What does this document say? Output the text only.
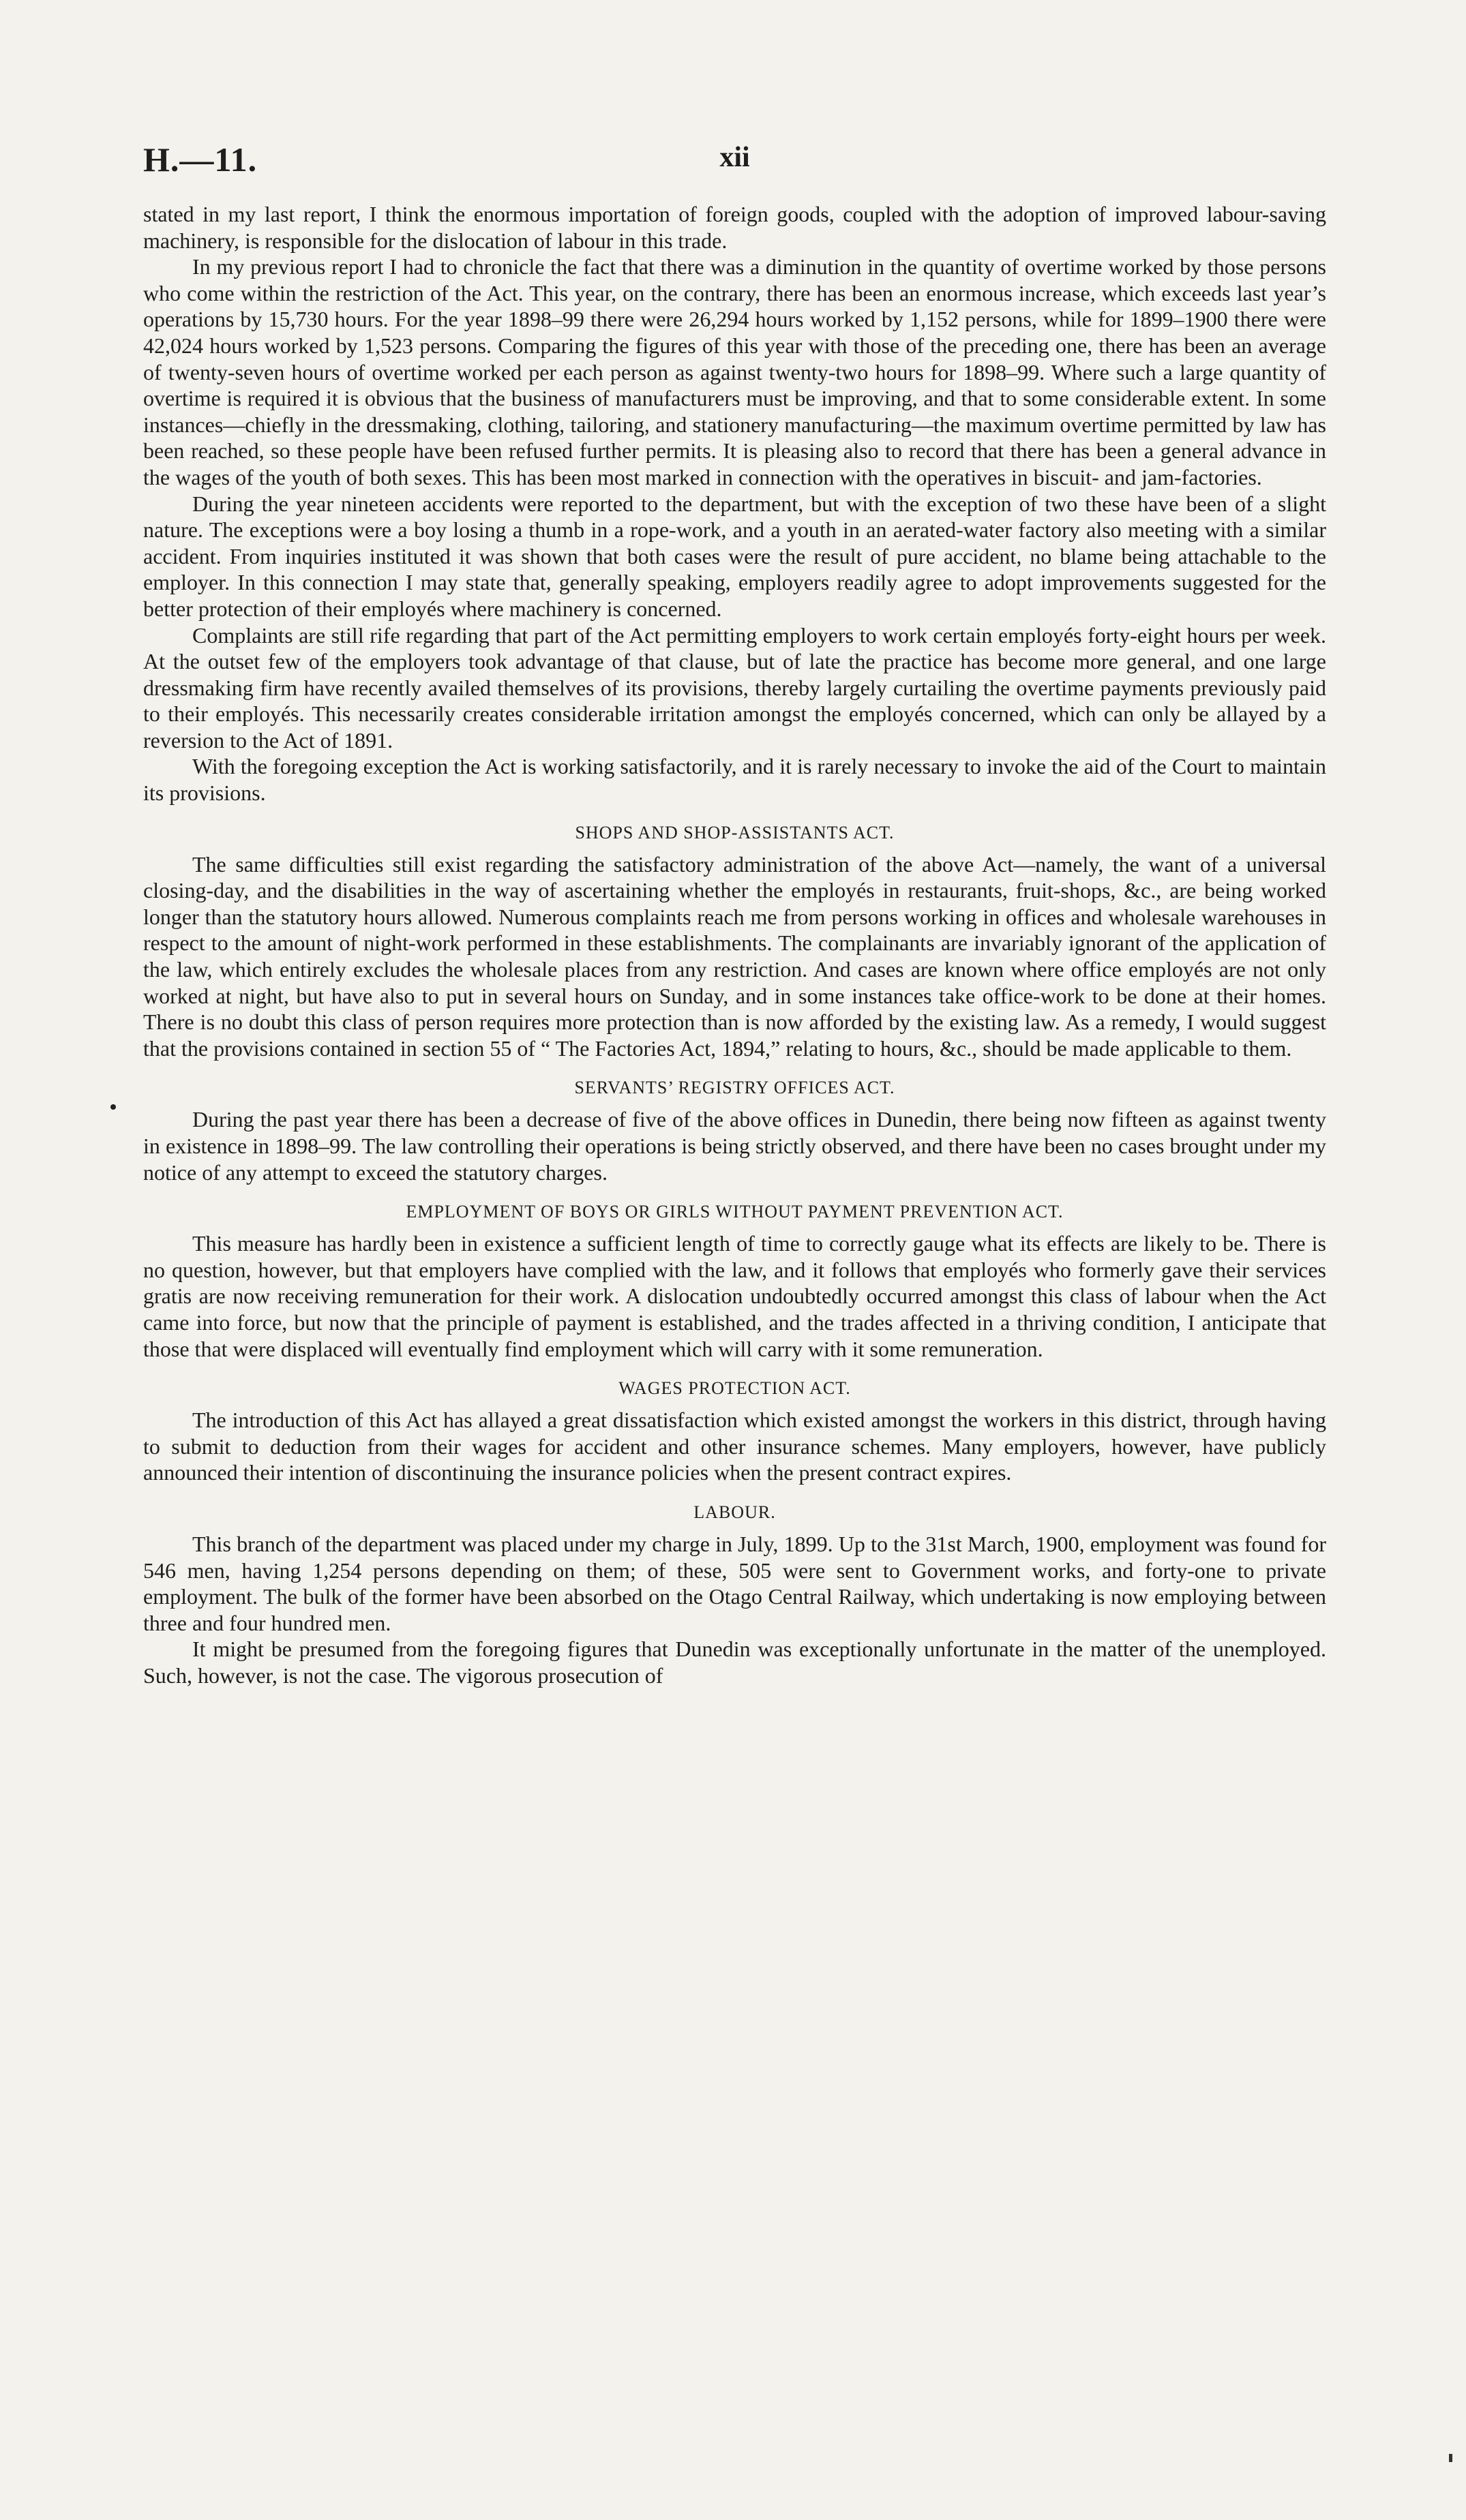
H.—11.	xii

stated in my last report, I think the enormous importation of foreign goods, coupled with the adoption of improved labour-saving machinery, is responsible for the dislocation of labour in this trade.

In my previous report I had to chronicle the fact that there was a diminution in the quantity of overtime worked by those persons who come within the restriction of the Act. This year, on the contrary, there has been an enormous increase, which exceeds last year’s operations by 15,730 hours. For the year 1898–99 there were 26,294 hours worked by 1,152 persons, while for 1899–1900 there were 42,024 hours worked by 1,523 persons. Comparing the figures of this year with those of the preceding one, there has been an average of twenty-seven hours of overtime worked per each person as against twenty-two hours for 1898–99. Where such a large quantity of overtime is required it is obvious that the business of manufacturers must be improving, and that to some considerable extent. In some instances—chiefly in the dressmaking, clothing, tailoring, and stationery manufacturing—the maximum overtime permitted by law has been reached, so these people have been refused further permits. It is pleasing also to record that there has been a general advance in the wages of the youth of both sexes. This has been most marked in connection with the operatives in biscuit- and jam-factories.

During the year nineteen accidents were reported to the department, but with the exception of two these have been of a slight nature. The exceptions were a boy losing a thumb in a rope-work, and a youth in an aerated-water factory also meeting with a similar accident. From inquiries instituted it was shown that both cases were the result of pure accident, no blame being attachable to the employer. In this connection I may state that, generally speaking, employers readily agree to adopt improvements suggested for the better protection of their employés where machinery is concerned.

Complaints are still rife regarding that part of the Act permitting employers to work certain employés forty-eight hours per week. At the outset few of the employers took advantage of that clause, but of late the practice has become more general, and one large dressmaking firm have recently availed themselves of its provisions, thereby largely curtailing the overtime payments previously paid to their employés. This necessarily creates considerable irritation amongst the employés concerned, which can only be allayed by a reversion to the Act of 1891.

With the foregoing exception the Act is working satisfactorily, and it is rarely necessary to invoke the aid of the Court to maintain its provisions.

SHOPS AND SHOP-ASSISTANTS ACT.

The same difficulties still exist regarding the satisfactory administration of the above Act—namely, the want of a universal closing-day, and the disabilities in the way of ascertaining whether the employés in restaurants, fruit-shops, &c., are being worked longer than the statutory hours allowed. Numerous complaints reach me from persons working in offices and wholesale warehouses in respect to the amount of night-work performed in these establishments. The complainants are invariably ignorant of the application of the law, which entirely excludes the wholesale places from any restriction. And cases are known where office employés are not only worked at night, but have also to put in several hours on Sunday, and in some instances take office-work to be done at their homes. There is no doubt this class of person requires more protection than is now afforded by the existing law. As a remedy, I would suggest that the provisions contained in section 55 of “ The Factories Act, 1894,” relating to hours, &c., should be made applicable to them.

SERVANTS’ REGISTRY OFFICES ACT.

During the past year there has been a decrease of five of the above offices in Dunedin, there being now fifteen as against twenty in existence in 1898–99. The law controlling their operations is being strictly observed, and there have been no cases brought under my notice of any attempt to exceed the statutory charges.

EMPLOYMENT OF BOYS OR GIRLS WITHOUT PAYMENT PREVENTION ACT.

This measure has hardly been in existence a sufficient length of time to correctly gauge what its effects are likely to be. There is no question, however, but that employers have complied with the law, and it follows that employés who formerly gave their services gratis are now receiving remuneration for their work. A dislocation undoubtedly occurred amongst this class of labour when the Act came into force, but now that the principle of payment is established, and the trades affected in a thriving condition, I anticipate that those that were displaced will eventually find employment which will carry with it some remuneration.

WAGES PROTECTION ACT.

The introduction of this Act has allayed a great dissatisfaction which existed amongst the workers in this district, through having to submit to deduction from their wages for accident and other insurance schemes. Many employers, however, have publicly announced their intention of discontinuing the insurance policies when the present contract expires.

LABOUR.

This branch of the department was placed under my charge in July, 1899. Up to the 31st March, 1900, employment was found for 546 men, having 1,254 persons depending on them; of these, 505 were sent to Government works, and forty-one to private employment. The bulk of the former have been absorbed on the Otago Central Railway, which undertaking is now employing between three and four hundred men.

It might be presumed from the foregoing figures that Dunedin was exceptionally unfortunate in the matter of the unemployed. Such, however, is not the case. The vigorous prosecution of
